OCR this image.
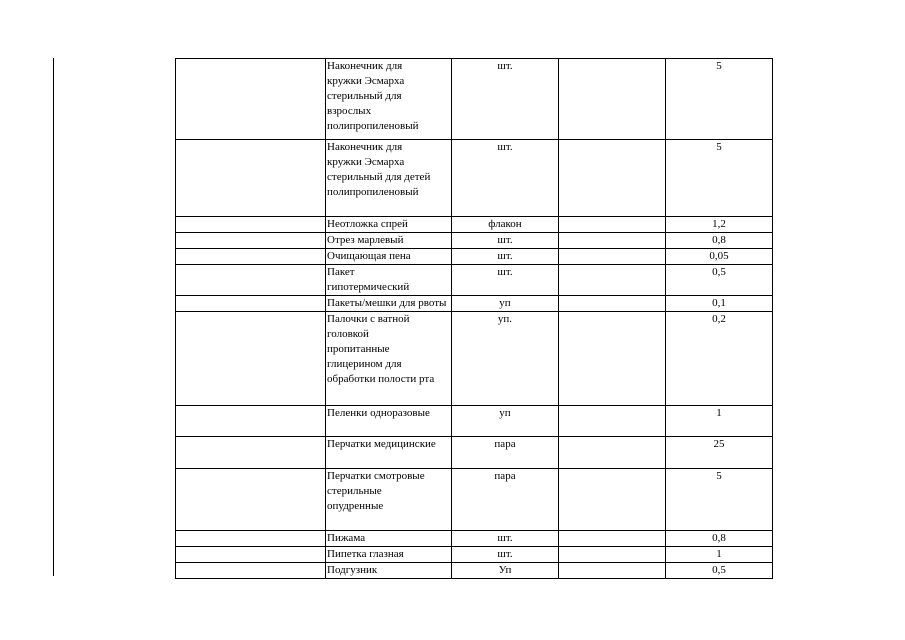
	Наконечник для
кружки Эсмарха
стерильный для
взрослых
полипропиленовый	шт.		5
	Наконечник для
кружки Эсмарха
стерильный для детей
полипропиленовый	шт.		5
	Неотложка спрей	флакон		1,2
	Отрез марлевый	шт.		0,8
	Очищающая пена	шт.		0,05
	Пакет
гипотермический	шт.		0,5
	Пакеты/мешки для рвоты	уп		0,1
	Палочки с ватной
головкой
пропитанные
глицерином для
обработки полости рта	уп.		0,2
	Пеленки одноразовые	уп		1
	Перчатки медицинские	пара		25
	Перчатки смотровые
стерильные
опудренные	пара		5
	Пижама	шт.		0,8
	Пипетка глазная	шт.		1
	Подгузник	Уп		0,5
